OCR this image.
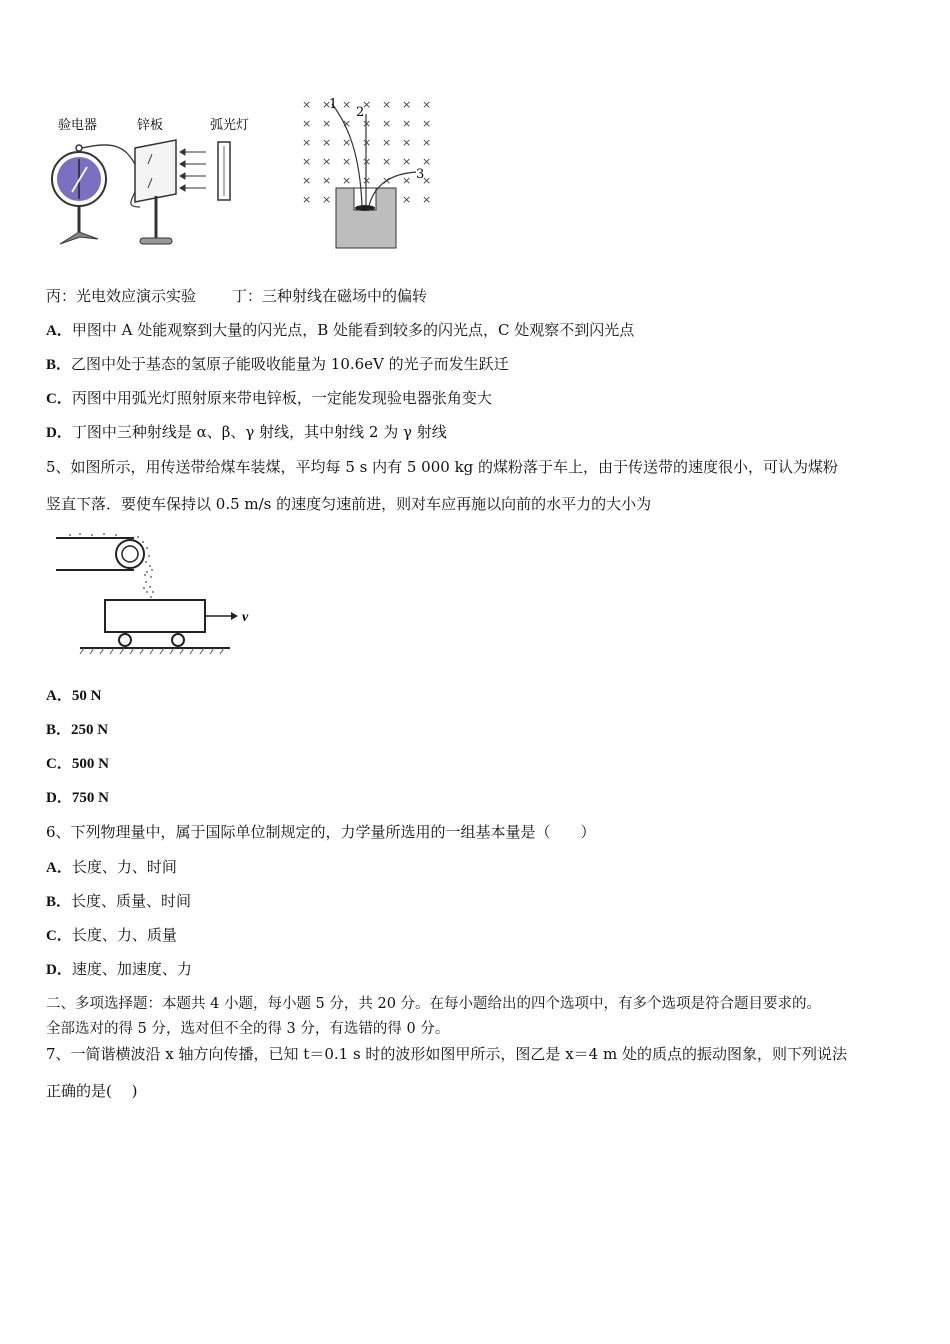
验电器	锌板	弧光灯
× × × × × × ×
× × × × × × ×
× × × × × × ×
× × × × × × ×
× × × × × × ×
× ×	× ×
1
2
3
丙：光电效应演示实验 丁：三种射线在磁场中的偏转
A．甲图中 A 处能观察到大量的闪光点，B 处能看到较多的闪光点，C 处观察不到闪光点
B．乙图中处于基态的氢原子能吸收能量为 10.6eV 的光子而发生跃迁
C．丙图中用弧光灯照射原来带电锌板，一定能发现验电器张角变大
D．丁图中三种射线是 α、β、γ 射线，其中射线 2 为 γ 射线
5、如图所示，用传送带给煤车装煤，平均每 5 s 内有 5 000 kg 的煤粉落于车上，由于传送带的速度很小，可认为煤粉
竖直下落．要使车保持以 0.5 m/s 的速度匀速前进，则对车应再施以向前的水平力的大小为
v
A．50 N
B．250 N
C．500 N
D．750 N
6、下列物理量中，属于国际单位制规定的，力学量所选用的一组基本量是（　　）
A．长度、力、时间
B．长度、质量、时间
C．长度、力、质量
D．速度、加速度、力
二、多项选择题：本题共 4 小题，每小题 5 分，共 20 分。在每小题给出的四个选项中，有多个选项是符合题目要求的。
全部选对的得 5 分，选对但不全的得 3 分，有选错的得 0 分。
7、一简谐横波沿 x 轴方向传播，已知 t＝0.1 s 时的波形如图甲所示，图乙是 x＝4 m 处的质点的振动图象，则下列说法
正确的是(　 )
